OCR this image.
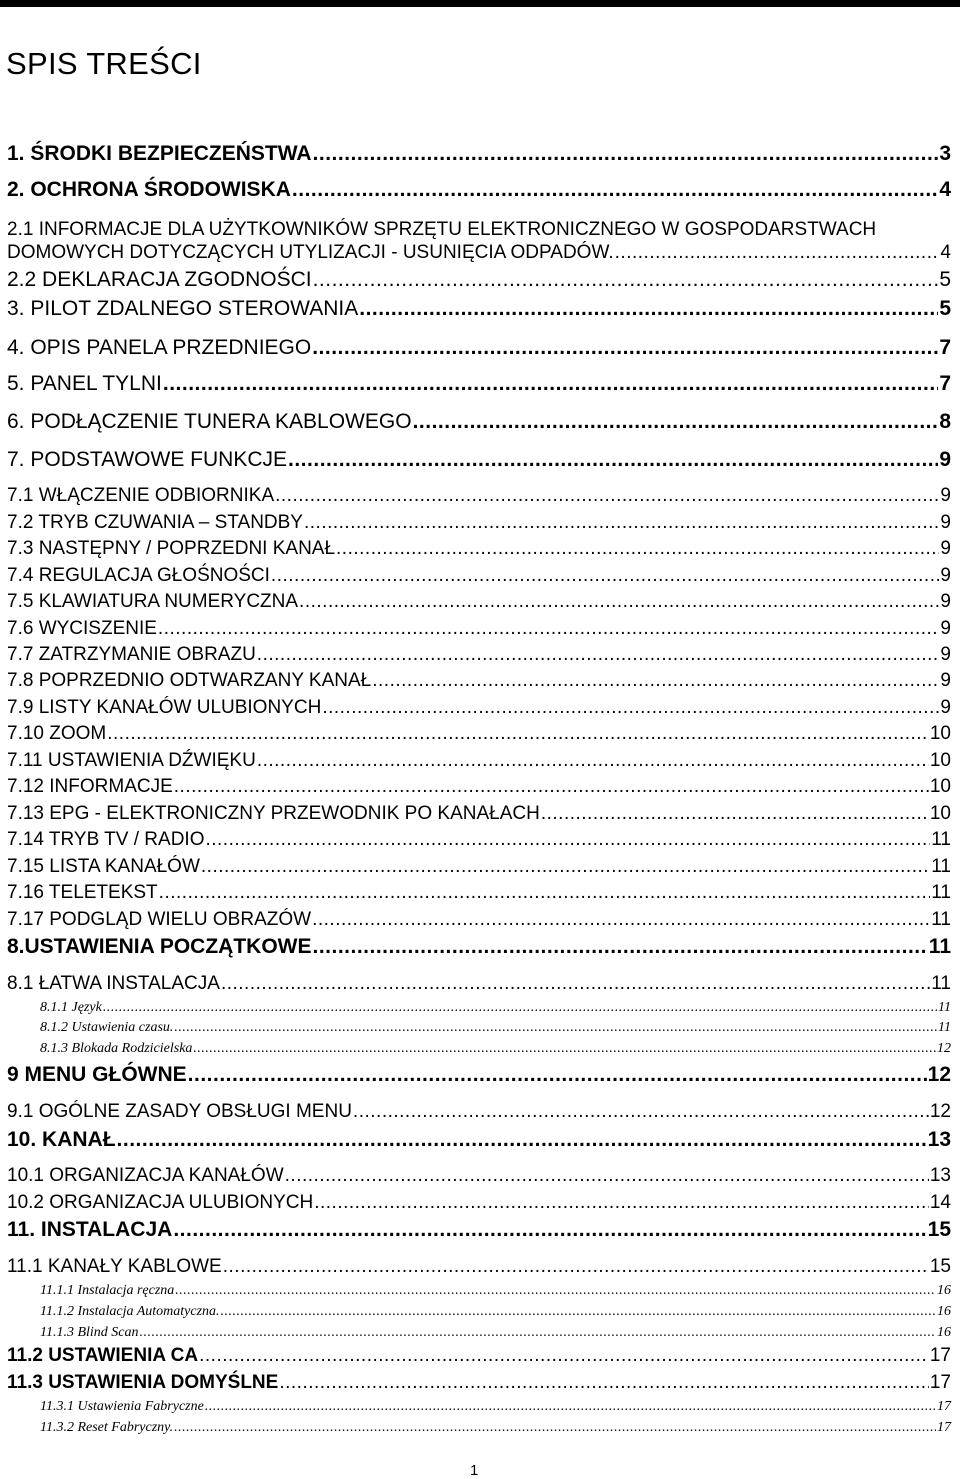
SPIS TREŚCI
1. ŚRODKI BEZPIECZEŃSTWA .....	3
2. OCHRONA ŚRODOWISKA .....	4
2.1 INFORMACJE DLA UŻYTKOWNIKÓW SPRZĘTU ELEKTRONICZNEGO W GOSPODARSTWACH
DOMOWYCH DOTYCZĄCYCH UTYLIZACJI - USUNIĘCIA ODPADÓW. .....	4
2.2 DEKLARACJA ZGODNOŚCI .....	5
3. PILOT ZDALNEGO STEROWANIA .....	5
4. OPIS PANELA PRZEDNIEGO .....	7
5. PANEL TYLNI .....	7
6. PODŁĄCZENIE TUNERA KABLOWEGO .....	8
7. PODSTAWOWE FUNKCJE .....	9
7.1 WŁĄCZENIE ODBIORNIKA .....	9
7.2 TRYB CZUWANIA – STANDBY .....	9
7.3 NASTĘPNY / POPRZEDNI KANAŁ .....	9
7.4 REGULACJA GŁOŚNOŚCI .....	9
7.5 KLAWIATURA NUMERYCZNA .....	9
7.6 WYCISZENIE .....	9
7.7 ZATRZYMANIE OBRAZU .....	9
7.8 POPRZEDNIO ODTWARZANY KANAŁ .....	9
7.9 LISTY KANAŁÓW ULUBIONYCH .....	9
7.10 ZOOM .....	10
7.11 USTAWIENIA DŹWIĘKU .....	10
7.12 INFORMACJE .....	10
7.13 EPG - ELEKTRONICZNY PRZEWODNIK PO KANAŁACH .....	10
7.14 TRYB TV / RADIO .....	11
7.15 LISTA KANAŁÓW .....	11
7.16 TELETEKST .....	11
7.17 PODGLĄD WIELU OBRAZÓW .....	11
8.USTAWIENIA POCZĄTKOWE .....	11
8.1 ŁATWA INSTALACJA .....	11
8.1.1 Język .....	11
8.1.2 Ustawienia czasu. .....	11
8.1.3 Blokada Rodzicielska .....	12
9 MENU GŁÓWNE .....	12
9.1 OGÓLNE ZASADY OBSŁUGI MENU .....	12
10. KANAŁ .....	13
10.1 ORGANIZACJA KANAŁÓW .....	13
10.2 ORGANIZACJA ULUBIONYCH .....	14
11. INSTALACJA .....	15
11.1 KANAŁY KABLOWE .....	15
11.1.1 Instalacja ręczna .....	16
11.1.2 Instalacja Automatyczna. .....	16
11.1.3 Blind Scan .....	16
11.2 USTAWIENIA CA .....	17
11.3 USTAWIENIA DOMYŚLNE .....	17
11.3.1 Ustawienia Fabryczne .....	17
11.3.2 Reset Fabryczny. .....	17
1
